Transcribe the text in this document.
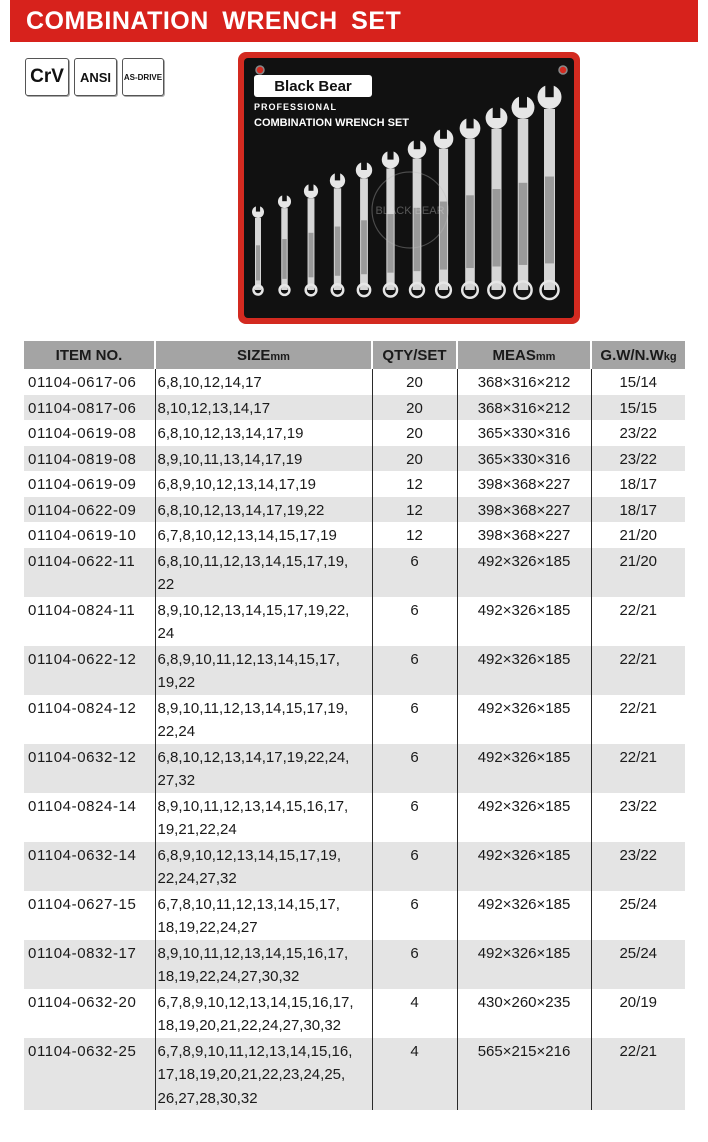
COMBINATION WRENCH SET
CrV ANSI AS-DRIVE
Black Bear
PROFESSIONAL
COMBINATION WRENCH SET
BLACK BEAR
ITEM NO.	SIZEmm	QTY/SET	MEASmm	G.W/N.Wkg
01104-0617-06	6,8,10,12,14,17	20	368×316×212	15/14
01104-0817-06	8,10,12,13,14,17	20	368×316×212	15/15
01104-0619-08	6,8,10,12,13,14,17,19	20	365×330×316	23/22
01104-0819-08	8,9,10,11,13,14,17,19	20	365×330×316	23/22
01104-0619-09	6,8,9,10,12,13,14,17,19	12	398×368×227	18/17
01104-0622-09	6,8,10,12,13,14,17,19,22	12	398×368×227	18/17
01104-0619-10	6,7,8,10,12,13,14,15,17,19	12	398×368×227	21/20
01104-0622-11	6,8,10,11,12,13,14,15,17,19,
22	6	492×326×185	21/20
01104-0824-11	8,9,10,12,13,14,15,17,19,22,
24	6	492×326×185	22/21
01104-0622-12	6,8,9,10,11,12,13,14,15,17,
19,22	6	492×326×185	22/21
01104-0824-12	8,9,10,11,12,13,14,15,17,19,
22,24	6	492×326×185	22/21
01104-0632-12	6,8,10,12,13,14,17,19,22,24,
27,32	6	492×326×185	22/21
01104-0824-14	8,9,10,11,12,13,14,15,16,17,
19,21,22,24	6	492×326×185	23/22
01104-0632-14	6,8,9,10,12,13,14,15,17,19,
22,24,27,32	6	492×326×185	23/22
01104-0627-15	6,7,8,10,11,12,13,14,15,17,
18,19,22,24,27	6	492×326×185	25/24
01104-0832-17	8,9,10,11,12,13,14,15,16,17,
18,19,22,24,27,30,32	6	492×326×185	25/24
01104-0632-20	6,7,8,9,10,12,13,14,15,16,17,
18,19,20,21,22,24,27,30,32	4	430×260×235	20/19
01104-0632-25	6,7,8,9,10,11,12,13,14,15,16,
17,18,19,20,21,22,23,24,25,
26,27,28,30,32	4	565×215×216	22/21
